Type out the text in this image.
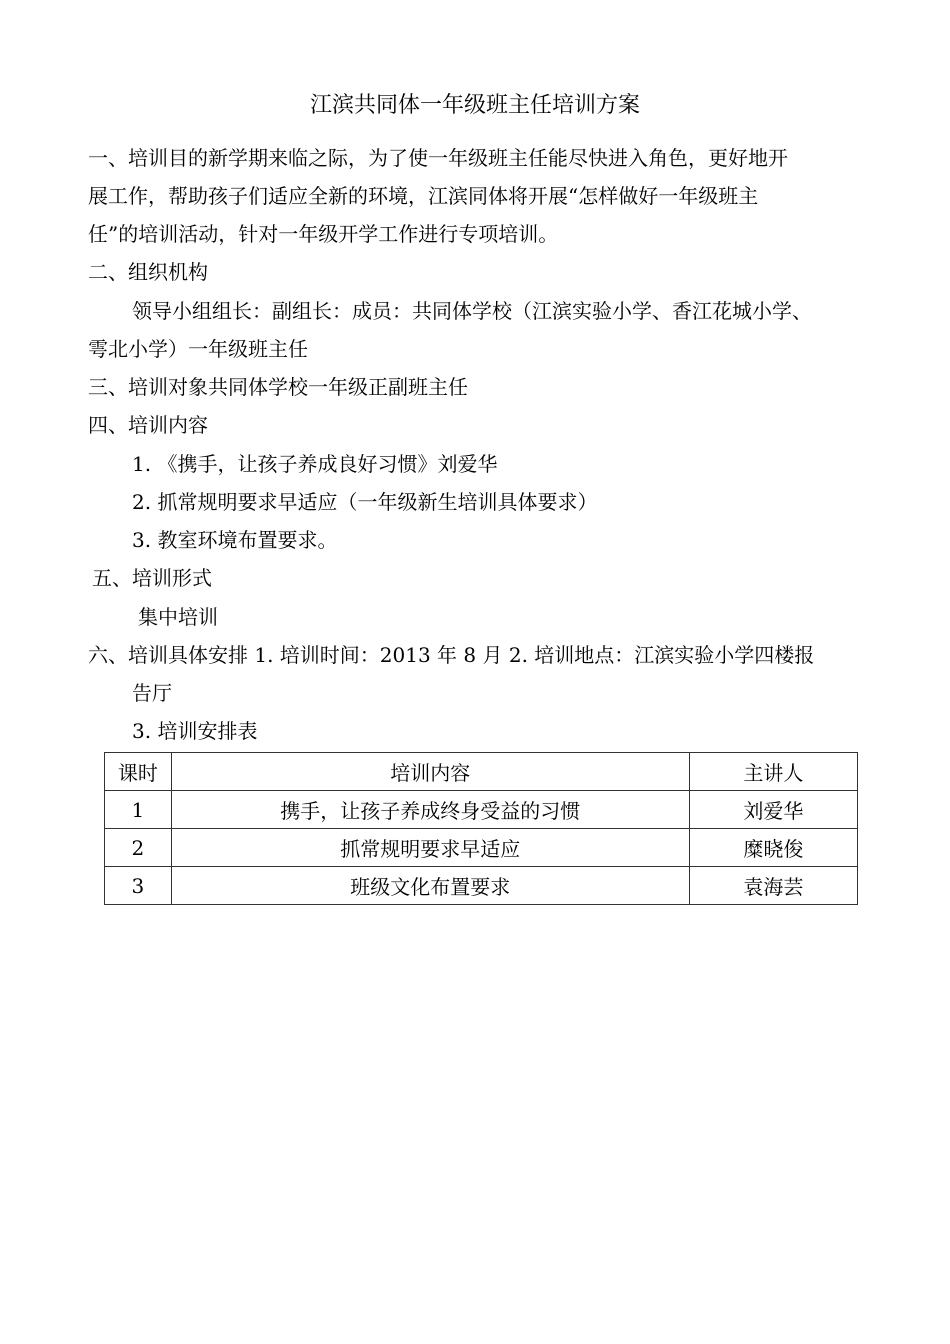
江滨共同体一年级班主任培训方案
一、培训目的新学期来临之际，为了使一年级班主任能尽快进入角色，更好地开
展工作，帮助孩子们适应全新的环境，江滨同体将开展“怎样做好一年级班主
任”的培训活动，针对一年级开学工作进行专项培训。
二、组织机构
领导小组组长：副组长：成员：共同体学校（江滨实验小学、香江花城小学、
雩北小学）一年级班主任
三、培训对象共同体学校一年级正副班主任
四、培训内容
1. 《携手，让孩子养成良好习惯》刘爱华
2. 抓常规明要求早适应（一年级新生培训具体要求）
3. 教室环境布置要求。
五、培训形式
集中培训
六、培训具体安排 1. 培训时间：2013 年 8 月 2. 培训地点：江滨实验小学四楼报
告厅
3. 培训安排表
课时	培训内容	主讲人
1	携手，让孩子养成终身受益的习惯	刘爱华
2	抓常规明要求早适应	糜晓俊
3	班级文化布置要求	袁海芸
